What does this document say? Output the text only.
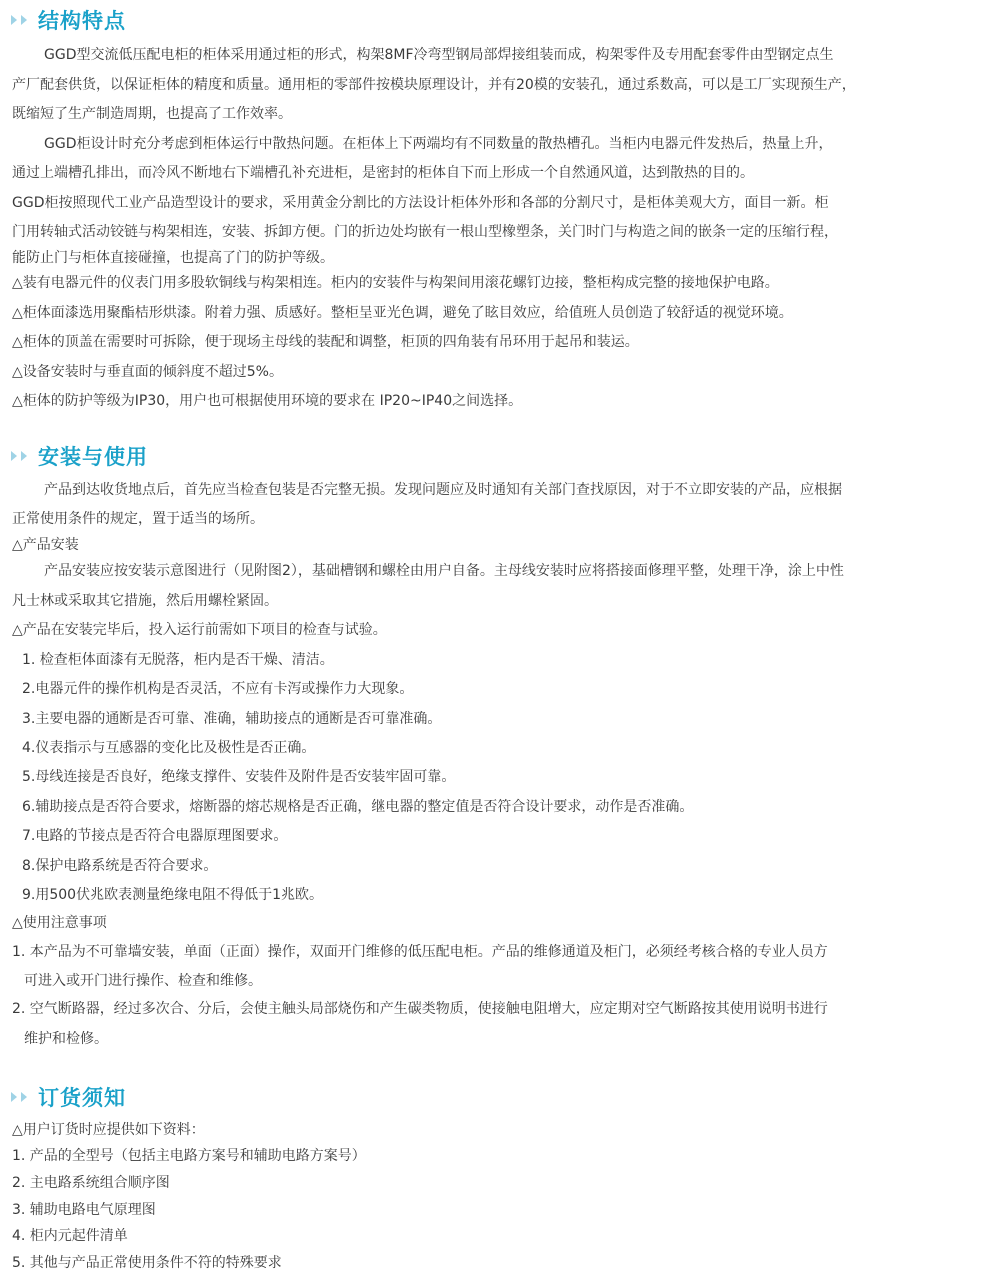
结构特点
GGD型交流低压配电柜的柜体采用通过柜的形式，构架8MF冷弯型钢局部焊接组装而成，构架零件及专用配套零件由型钢定点生
产厂配套供货，以保证柜体的精度和质量。通用柜的零部件按模块原理设计，并有20模的安装孔，通过系数高，可以是工厂实现预生产，
既缩短了生产制造周期，也提高了工作效率。
GGD柜设计时充分考虑到柜体运行中散热问题。在柜体上下两端均有不同数量的散热槽孔。当柜内电器元件发热后，热量上升，
通过上端槽孔排出，而冷风不断地右下端槽孔补充进柜，是密封的柜体自下而上形成一个自然通风道，达到散热的目的。
GGD柜按照现代工业产品造型设计的要求，采用黄金分割比的方法设计柜体外形和各部的分割尺寸，是柜体美观大方，面目一新。柜
门用转轴式活动铰链与构架相连，安装、拆卸方便。门的折边处均嵌有一根山型橡塑条，关门时门与构造之间的嵌条一定的压缩行程，
能防止门与柜体直接碰撞，也提高了门的防护等级。
△装有电器元件的仪表门用多股软铜线与构架相连。柜内的安装件与构架间用滚花螺钉边接，整柜构成完整的接地保护电路。
△柜体面漆选用聚酯桔形烘漆。附着力强、质感好。整柜呈亚光色调，避免了眩目效应，给值班人员创造了较舒适的视觉环境。
△柜体的顶盖在需要时可拆除，便于现场主母线的装配和调整，柜顶的四角装有吊环用于起吊和装运。
△设备安装时与垂直面的倾斜度不超过5%。
△柜体的防护等级为IP30，用户也可根据使用环境的要求在 IP20~IP40之间选择。
安装与使用
产品到达收货地点后，首先应当检查包装是否完整无损。发现问题应及时通知有关部门查找原因，对于不立即安装的产品，应根据
正常使用条件的规定，置于适当的场所。
△产品安装
产品安装应按安装示意图进行（见附图2），基础槽钢和螺栓由用户自备。主母线安装时应将搭接面修理平整，处理干净，涂上中性
凡士林或采取其它措施，然后用螺栓紧固。
△产品在安装完毕后，投入运行前需如下项目的检查与试验。
1. 检查柜体面漆有无脱落，柜内是否干燥、清洁。
2.电器元件的操作机构是否灵活，不应有卡泻或操作力大现象。
3.主要电器的通断是否可靠、准确，辅助接点的通断是否可靠准确。
4.仪表指示与互感器的变化比及极性是否正确。
5.母线连接是否良好，绝缘支撑件、安装件及附件是否安装牢固可靠。
6.辅助接点是否符合要求，熔断器的熔芯规格是否正确，继电器的整定值是否符合设计要求，动作是否准确。
7.电路的节接点是否符合电器原理图要求。
8.保护电路系统是否符合要求。
9.用500伏兆欧表测量绝缘电阻不得低于1兆欧。
△使用注意事项
1. 本产品为不可靠墙安装，单面（正面）操作，双面开门维修的低压配电柜。产品的维修通道及柜门，必须经考核合格的专业人员方
可进入或开门进行操作、检查和维修。
2. 空气断路器，经过多次合、分后，会使主触头局部烧伤和产生碳类物质，使接触电阻增大，应定期对空气断路按其使用说明书进行
维护和检修。
订货须知
△用户订货时应提供如下资料：
1. 产品的全型号（包括主电路方案号和辅助电路方案号）
2. 主电路系统组合顺序图
3. 辅助电路电气原理图
4. 柜内元起件清单
5. 其他与产品正常使用条件不符的特殊要求
